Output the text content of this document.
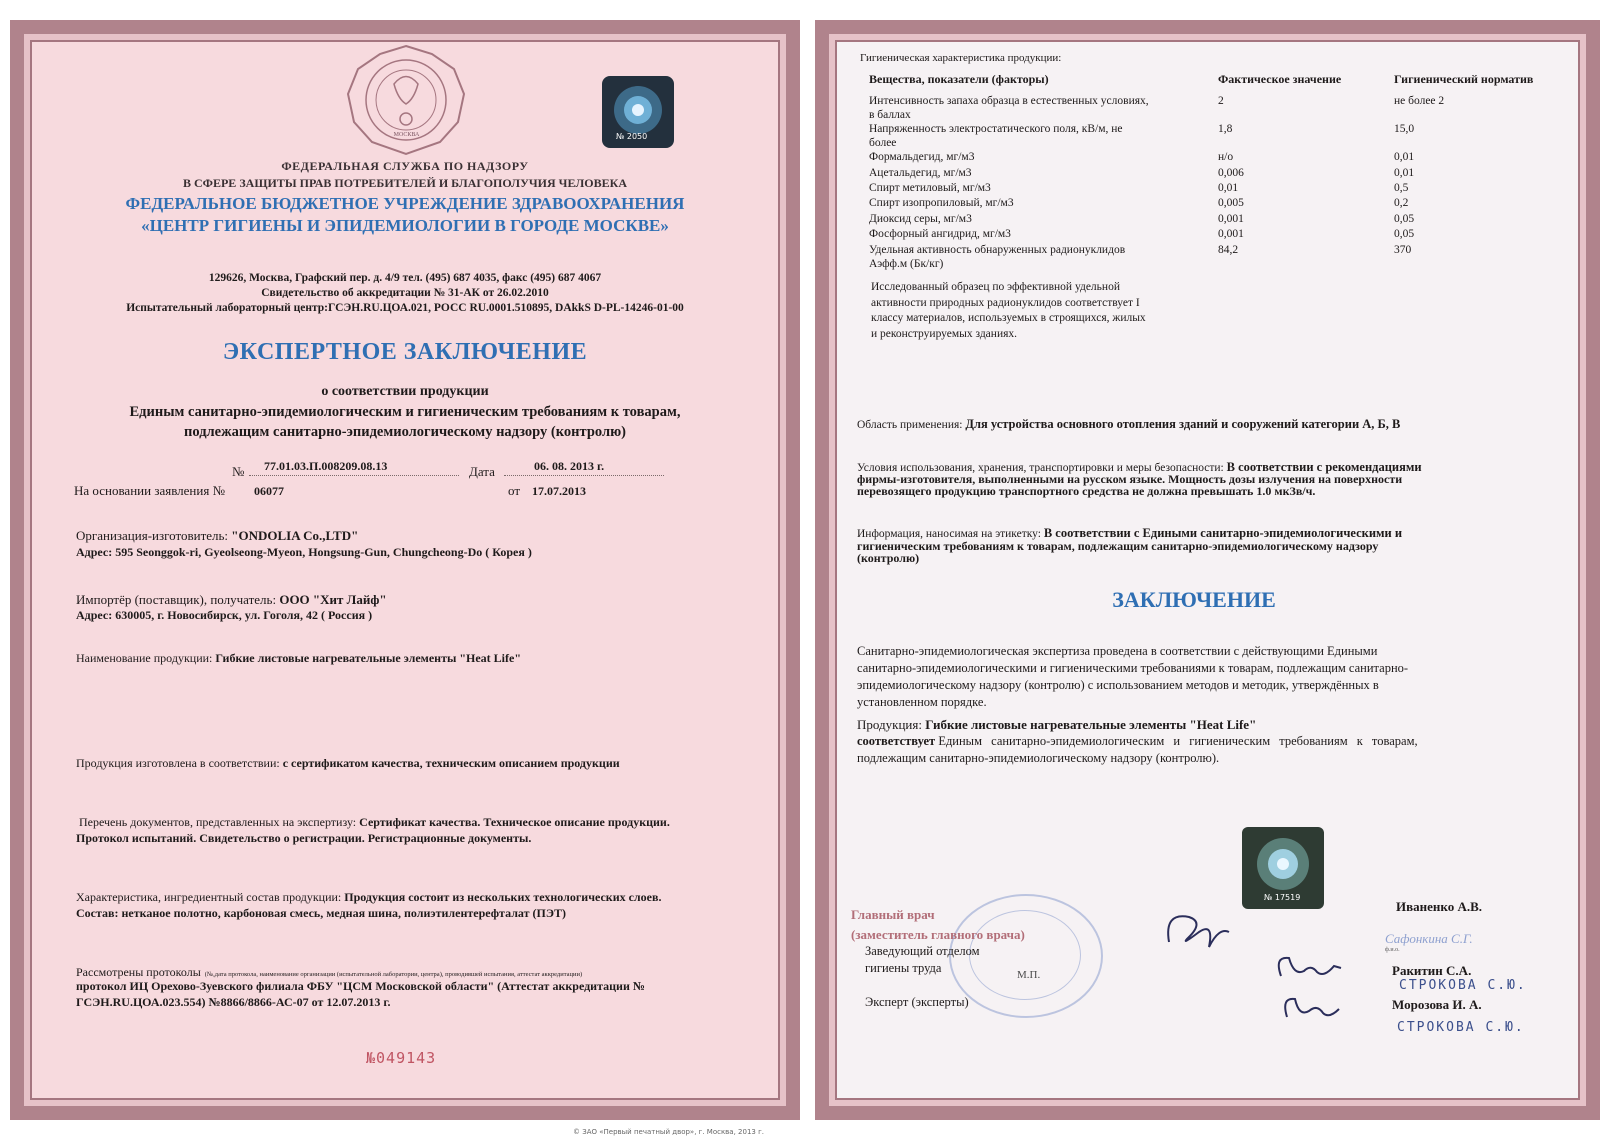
МОСКВА	№ 2050
ФЕДЕРАЛЬНАЯ СЛУЖБА ПО НАДЗОРУ
В СФЕРЕ ЗАЩИТЫ ПРАВ ПОТРЕБИТЕЛЕЙ И БЛАГОПОЛУЧИЯ ЧЕЛОВЕКА
ФЕДЕРАЛЬНОЕ БЮДЖЕТНОЕ УЧРЕЖДЕНИЕ ЗДРАВООХРАНЕНИЯ
«ЦЕНТР ГИГИЕНЫ И ЭПИДЕМИОЛОГИИ В ГОРОДЕ МОСКВЕ»
129626, Москва, Графский пер. д. 4/9 тел. (495) 687 4035, факс (495) 687 4067
Свидетельство об аккредитации № 31-АК от 26.02.2010
Испытательный лабораторный центр:ГСЭН.RU.ЦОА.021, РОСС RU.0001.510895, DAkkS D-PL-14246-01-00
ЭКСПЕРТНОЕ ЗАКЛЮЧЕНИЕ
о соответствии продукции
Единым санитарно-эпидемиологическим и гигиеническим требованиям к товарам,
подлежащим санитарно-эпидемиологическому надзору (контролю)
№ 77.01.03.П.008209.08.13	Дата	06. 08. 2013 г.
На основании заявления № 06077	от 17.07.2013
Организация-изготовитель: "ONDOLIA Co.,LTD"
Адрес: 595 Seonggok-ri, Gyeolseong-Myeon, Hongsung-Gun, Chungcheong-Do ( Корея )
Импортёр (поставщик), получатель: ООО "Хит Лайф"
Адрес: 630005, г. Новосибирск, ул. Гоголя, 42 ( Россия )
Наименование продукции: Гибкие листовые нагревательные элементы "Heat Life"
Продукция изготовлена в соответствии: с сертификатом качества, техническим описанием продукции
Перечень документов, представленных на экспертизу: Сертификат качества. Техническое описание продукции.
Протокол испытаний. Свидетельство о регистрации. Регистрационные документы.
Характеристика, ингредиентный состав продукции: Продукция состоит из нескольких технологических слоев.
Состав: нетканое полотно, карбоновая смесь, медная шина, полиэтилентерефталат (ПЭТ)
Рассмотрены протоколы (№,дата протокола, наименование организации (испытательной лаборатории, центра), проводившей испытания, аттестат аккредитации)
протокол ИЦ Орехово-Зуевского филиала ФБУ "ЦСМ Московской области" (Аттестат аккредитации №
ГСЭН.RU.ЦОА.023.554) №8866/8866-АС-07 от 12.07.2013 г.
№049143
Гигиеническая характеристика продукции:
Вещества, показатели (факторы)	Фактическое значение	Гигиенический норматив
Интенсивность запаха образца в естественных условиях,
в баллах
2	не более 2
Напряженность электростатического поля, кВ/м, не
более
1,8	15,0
Формальдегид, мг/м3	н/о	0,01
Ацетальдегид, мг/м3	0,006	0,01
Спирт метиловый, мг/м3	0,01	0,5
Спирт изопропиловый, мг/м3	0,005	0,2
Диоксид серы, мг/м3	0,001	0,05
Фосфорный ангидрид, мг/м3	0,001	0,05
Удельная активность обнаруженных радионуклидов
Аэфф.м (Бк/кг)
84,2	370
Исследованный образец по эффективной удельной
активности природных радионуклидов соответствует I
классу материалов, используемых в строящихся, жилых
и реконструируемых зданиях.
Область применения: Для устройства основного отопления зданий и сооружений категории А, Б, В
Условия использования, хранения, транспортировки и меры безопасности: В соответствии с рекомендациями
фирмы-изготовителя, выполненными на русском языке. Мощность дозы излучения на поверхности
перевозящего продукцию транспортного средства не должна превышать 1.0 мкЗв/ч.
Информация, наносимая на этикетку: В соответствии с Едиными санитарно-эпидемиологическими и
гигиеническим требованиям к товарам, подлежащим санитарно-эпидемиологическому надзору
(контролю)
ЗАКЛЮЧЕНИЕ
Санитарно-эпидемиологическая экспертиза проведена в соответствии с действующими Едиными
санитарно-эпидемиологическими и гигиеническими требованиями к товарам, подлежащим санитарно-
эпидемиологическому надзору (контролю) с использованием методов и методик, утверждённых в
установленном порядке.
Продукция: Гибкие листовые нагревательные элементы "Heat Life"
соответствует Единым санитарно-эпидемиологическим и гигиеническим требованиям к товарам,
подлежащим санитарно-эпидемиологическому надзору (контролю).
№ 17519
М.П.
Главный врач
(заместитель главного врача)
Заведующий отделом
гигиены труда
Эксперт (эксперты)
Иваненко А.В.
Сафонкина С.Г.
ф.и.о.
Ракитин С.А.
СТРОКОВА С.Ю.
Морозова И. А.
СТРОКОВА С.Ю.
© ЗАО «Первый печатный двор», г. Москва, 2013 г.
